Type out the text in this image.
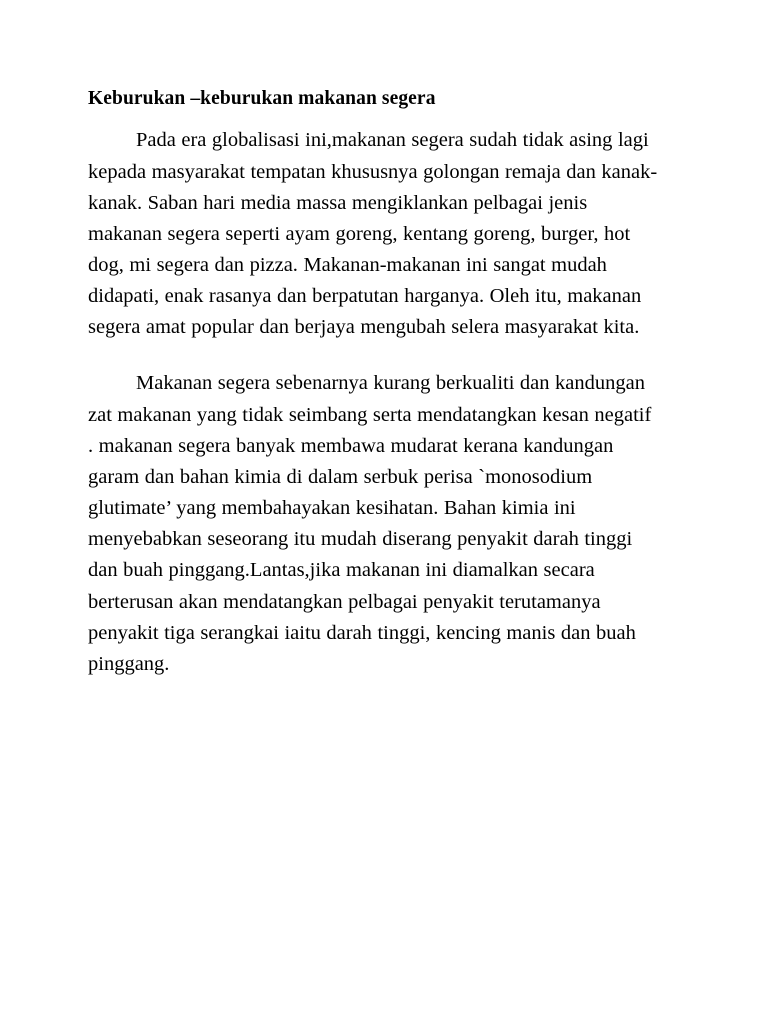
Keburukan –keburukan makanan segera

Pada era globalisasi ini,makanan segera sudah tidak asing lagi kepada masyarakat tempatan khususnya golongan remaja dan kanak-kanak. Saban hari media massa mengiklankan pelbagai jenis makanan segera seperti ayam goreng, kentang goreng, burger, hot dog, mi segera dan pizza. Makanan-makanan ini sangat mudah didapati, enak rasanya dan berpatutan harganya. Oleh itu, makanan segera amat popular dan berjaya mengubah selera masyarakat kita.

Makanan segera sebenarnya kurang berkualiti dan kandungan zat makanan yang tidak seimbang serta mendatangkan kesan negatif . makanan segera banyak membawa mudarat kerana kandungan garam dan bahan kimia di dalam serbuk perisa `monosodium glutimate’ yang membahayakan kesihatan. Bahan kimia ini menyebabkan seseorang itu mudah diserang penyakit darah tinggi dan buah pinggang.Lantas,jika makanan ini diamalkan secara berterusan akan mendatangkan pelbagai penyakit terutamanya penyakit tiga serangkai iaitu darah tinggi, kencing manis dan buah pinggang.
